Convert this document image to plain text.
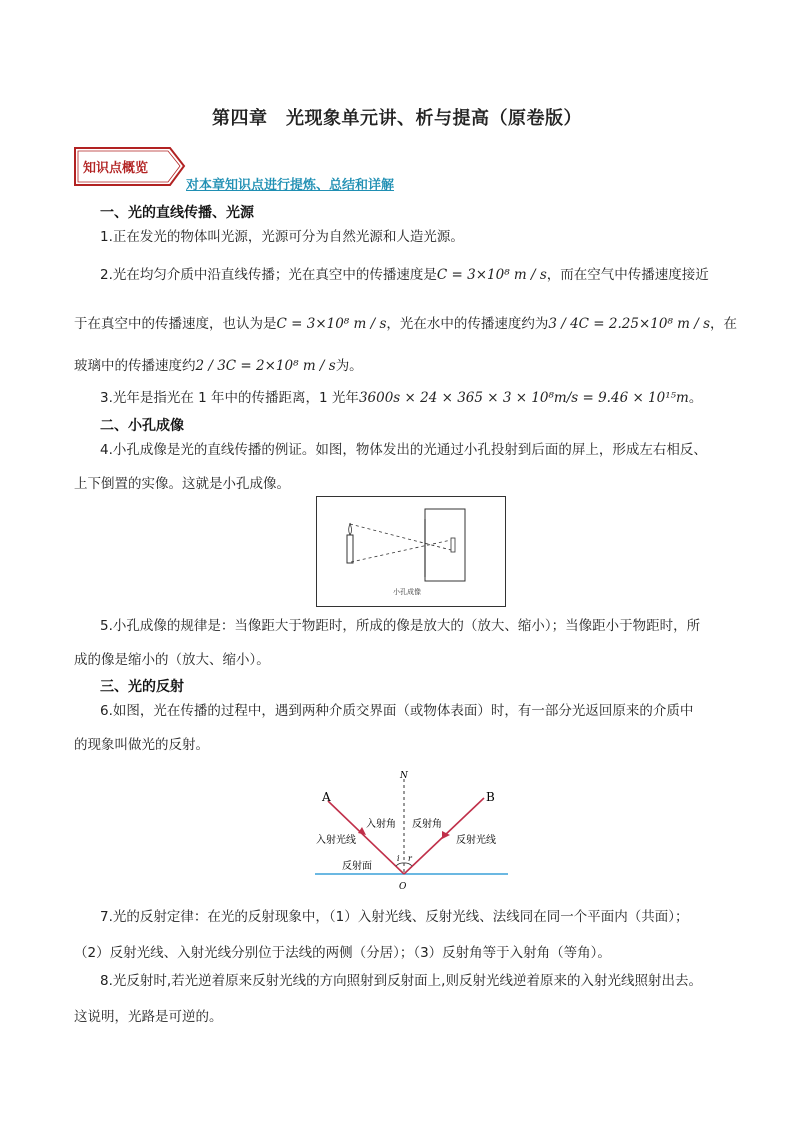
第四章　光现象单元讲、析与提高（原卷版）
知识点概览
对本章知识点进行提炼、总结和详解
一、光的直线传播、光源
1.正在发光的物体叫光源，光源可分为自然光源和人造光源。
2.光在均匀介质中沿直线传播；光在真空中的传播速度是C = 3×10⁸ m / s，而在空气中传播速度接近
于在真空中的传播速度，也认为是C = 3×10⁸ m / s，光在水中的传播速度约为3 / 4C = 2.25×10⁸ m / s，在
玻璃中的传播速度约2 / 3C = 2×10⁸ m / s为。
3.光年是指光在 1 年中的传播距离，1 光年3600s × 24 × 365 × 3 × 10⁸m/s = 9.46 × 10¹⁵m。
二、小孔成像
4.小孔成像是光的直线传播的例证。如图，物体发出的光通过小孔投射到后面的屏上，形成左右相反、
上下倒置的实像。这就是小孔成像。
小孔成像
5.小孔成像的规律是：当像距大于物距时，所成的像是放大的（放大、缩小）；当像距小于物距时，所
成的像是缩小的（放大、缩小）。
三、光的反射
6.如图，光在传播的过程中，遇到两种介质交界面（或物体表面）时，有一部分光返回原来的介质中
的现象叫做光的反射。
N
A	B
O
i r
入射角 反射角
入射光线	反射光线
反射面
7.光的反射定律：在光的反射现象中，（1）入射光线、反射光线、法线同在同一个平面内（共面）；
（2）反射光线、入射光线分别位于法线的两侧（分居）；（3）反射角等于入射角（等角）。
8.光反射时,若光逆着原来反射光线的方向照射到反射面上,则反射光线逆着原来的入射光线照射出去。
这说明，光路是可逆的。
